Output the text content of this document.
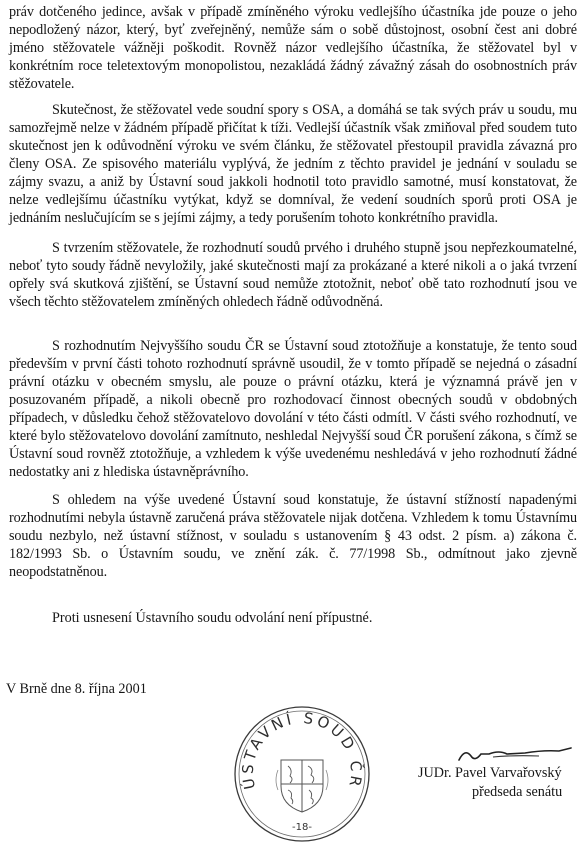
práv dotčeného jedince, avšak v případě zmíněného výroku vedlejšího účastníka jde pouze o jeho nepodložený názor, který, byť zveřejněný, nemůže sám o sobě důstojnost, osobní čest ani dobré jméno stěžovatele vážněji poškodit. Rovněž názor vedlejšího účastníka, že stěžovatel byl v konkrétním roce teletextovým monopolistou, nezakládá žádný závažný zásah do osobnostních práv stěžovatele.

Skutečnost, že stěžovatel vede soudní spory s OSA, a domáhá se tak svých práv u soudu, mu samozřejmě nelze v žádném případě přičítat k tíži. Vedlejší účastník však zmiňoval před soudem tuto skutečnost jen k odůvodnění výroku ve svém článku, že stěžovatel přestoupil pravidla závazná pro členy OSA. Ze spisového materiálu vyplývá, že jedním z těchto pravidel je jednání v souladu se zájmy svazu, a aniž by Ústavní soud jakkoli hodnotil toto pravidlo samotné, musí konstatovat, že nelze vedlejšímu účastníku vytýkat, když se domníval, že vedení soudních sporů proti OSA je jednáním neslučujícím se s jejími zájmy, a tedy porušením tohoto konkrétního pravidla.

S tvrzením stěžovatele, že rozhodnutí soudů prvého i druhého stupně jsou nepřezkoumatelné, neboť tyto soudy řádně nevyložily, jaké skutečnosti mají za prokázané a které nikoli a o jaká tvrzení opřely svá skutková zjištění, se Ústavní soud nemůže ztotožnit, neboť obě tato rozhodnutí jsou ve všech těchto stěžovatelem zmíněných ohledech řádně odůvodněná.

S rozhodnutím Nejvyššího soudu ČR se Ústavní soud ztotožňuje a konstatuje, že tento soud především v první části tohoto rozhodnutí správně usoudil, že v tomto případě se nejedná o zásadní právní otázku v obecném smyslu, ale pouze o právní otázku, která je významná právě jen v posuzovaném případě, a nikoli obecně pro rozhodovací činnost obecných soudů v obdobných případech, v důsledku čehož stěžovatelovo dovolání v této části odmítl. V části svého rozhodnutí, ve které bylo stěžovatelovo dovolání zamítnuto, neshledal Nejvyšší soud ČR porušení zákona, s čímž se Ústavní soud rovněž ztotožňuje, a vzhledem k výše uvedenému neshledává v jeho rozhodnutí žádné nedostatky ani z hlediska ústavněprávního.

S ohledem na výše uvedené Ústavní soud konstatuje, že ústavní stížností napadenými rozhodnutími nebyla ústavně zaručená práva stěžovatele nijak dotčena. Vzhledem k tomu Ústavnímu soudu nezbylo, než ústavní stížnost, v souladu s ustanovením § 43 odst. 2 písm. a) zákona č. 182/1993 Sb. o Ústavním soudu, ve znění zák. č. 77/1998 Sb., odmítnout jako zjevně neopodstatněnou.

Proti usnesení Ústavního soudu odvolání není přípustné.

V Brně dne 8. října 2001

ÚSTAVNÍ SOUD ČR
-18-

JUDr. Pavel Varvařovský

předseda senátu
